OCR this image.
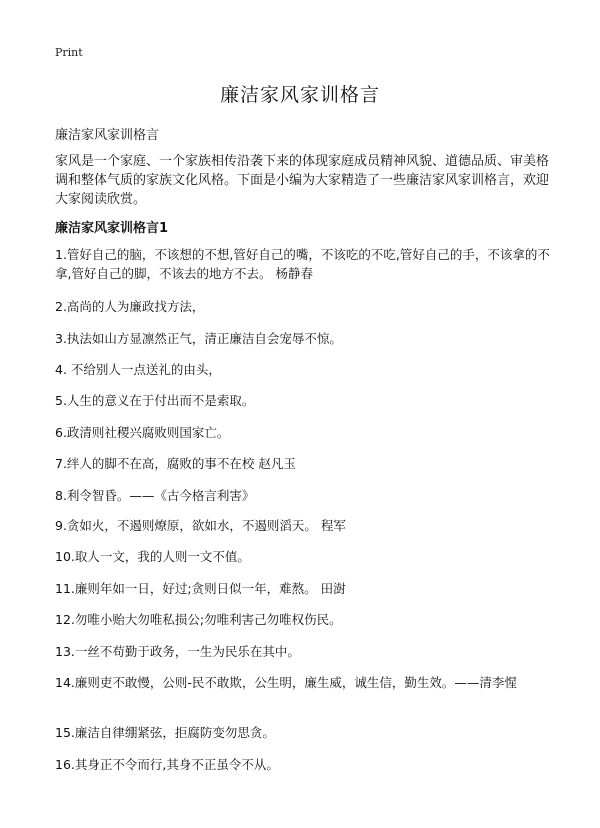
Print
廉洁家风家训格言
廉洁家风家训格言
家风是一个家庭、一个家族相传沿袭下来的体现家庭成员精神风貌、道德品质、审美格调和整体气质的家族文化风格。下面是小编为大家精造了一些廉洁家风家训格言，欢迎大家阅读欣赏。
廉洁家风家训格言1
1.管好自己的脑，不该想的不想,管好自己的嘴，不该吃的不吃,管好自己的手，不该拿的不拿,管好自己的脚，不该去的地方不去。 杨静春
2.高尚的人为廉政找方法，
3.执法如山方显凛然正气，清正廉洁自会宠辱不惊。
4. 不给别人一点送礼的由头，
5.人生的意义在于付出而不是索取。
6.政清则社稷兴腐败则国家亡。
7.绊人的脚不在高，腐败的事不在校 赵凡玉
8.利令智昏。——《古今格言利害》
9.贪如火，不遏则燎原，欲如水，不遏则滔天。 程军
10.取人一文，我的人则一文不值。
11.廉则年如一日，好过;贪则日似一年，难熬。 田澍
12.勿唯小贻大勿唯私损公;勿唯利害己勿唯权伤民。
13.一丝不苟勤于政务，一生为民乐在其中。
14.廉则吏不敢慢，公则-民不敢欺，公生明，廉生威，诚生信，勤生效。——清李惺
15.廉洁自律绷紧弦，拒腐防变勿思贪。
16.其身正不令而行,其身不正虽令不从。
